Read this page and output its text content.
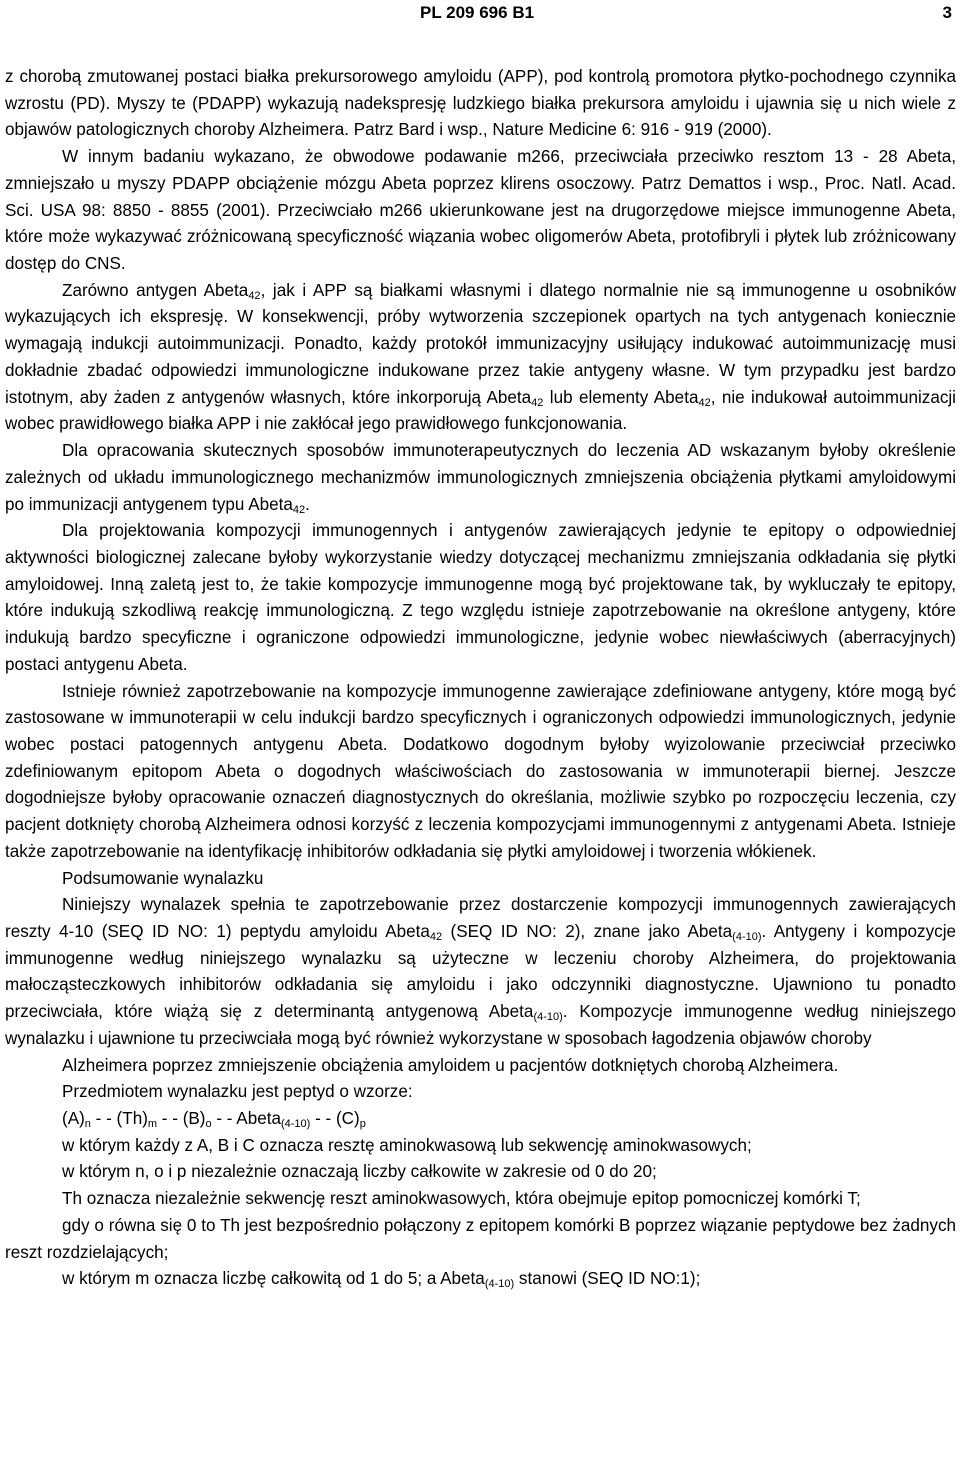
PL 209 696 B1	3

z chorobą zmutowanej postaci białka prekursorowego amyloidu (APP), pod kontrolą promotora płytko-pochodnego czynnika wzrostu (PD). Myszy te (PDAPP) wykazują nadekspresję ludzkiego białka prekursora amyloidu i ujawnia się u nich wiele z objawów patologicznych choroby Alzheimera. Patrz Bard i wsp., Nature Medicine 6: 916 - 919 (2000).

W innym badaniu wykazano, że obwodowe podawanie m266, przeciwciała przeciwko resztom 13 - 28 Abeta, zmniejszało u myszy PDAPP obciążenie mózgu Abeta poprzez klirens osoczowy. Patrz Demattos i wsp., Proc. Natl. Acad. Sci. USA 98: 8850 - 8855 (2001). Przeciwciało m266 ukierunkowane jest na drugorzędowe miejsce immunogenne Abeta, które może wykazywać zróżnicowaną specyficzność wiązania wobec oligomerów Abeta, protofibryli i płytek lub zróżnicowany dostęp do CNS.

Zarówno antygen Abeta$_{42}$, jak i APP są białkami własnymi i dlatego normalnie nie są immunogenne u osobników wykazujących ich ekspresję. W konsekwencji, próby wytworzenia szczepionek opartych na tych antygenach koniecznie wymagają indukcji autoimmunizacji. Ponadto, każdy protokół immunizacyjny usiłujący indukować autoimmunizację musi dokładnie zbadać odpowiedzi immunologiczne indukowane przez takie antygeny własne. W tym przypadku jest bardzo istotnym, aby żaden z antygenów własnych, które inkorporują Abeta$_{42}$ lub elementy Abeta$_{42}$, nie indukował autoimmunizacji wobec prawidłowego białka APP i nie zakłócał jego prawidłowego funkcjonowania.

Dla opracowania skutecznych sposobów immunoterapeutycznych do leczenia AD wskazanym byłoby określenie zależnych od układu immunologicznego mechanizmów immunologicznych zmniejszenia obciążenia płytkami amyloidowymi po immunizacji antygenem typu Abeta$_{42}$.

Dla projektowania kompozycji immunogennych i antygenów zawierających jedynie te epitopy o odpowiedniej aktywności biologicznej zalecane byłoby wykorzystanie wiedzy dotyczącej mechanizmu zmniejszania odkładania się płytki amyloidowej. Inną zaletą jest to, że takie kompozycje immunogenne mogą być projektowane tak, by wykluczały te epitopy, które indukują szkodliwą reakcję immunologiczną. Z tego względu istnieje zapotrzebowanie na określone antygeny, które indukują bardzo specyficzne i ograniczone odpowiedzi immunologiczne, jedynie wobec niewłaściwych (aberracyjnych) postaci antygenu Abeta.

Istnieje również zapotrzebowanie na kompozycje immunogenne zawierające zdefiniowane antygeny, które mogą być zastosowane w immunoterapii w celu indukcji bardzo specyficznych i ograniczonych odpowiedzi immunologicznych, jedynie wobec postaci patogennych antygenu Abeta. Dodatkowo dogodnym byłoby wyizolowanie przeciwciał przeciwko zdefiniowanym epitopom Abeta o dogodnych właściwościach do zastosowania w immunoterapii biernej. Jeszcze dogodniejsze byłoby opracowanie oznaczeń diagnostycznych do określania, możliwie szybko po rozpoczęciu leczenia, czy pacjent dotknięty chorobą Alzheimera odnosi korzyść z leczenia kompozycjami immunogennymi z antygenami Abeta. Istnieje także zapotrzebowanie na identyfikację inhibitorów odkładania się płytki amyloidowej i tworzenia włókienek.

Podsumowanie wynalazku

Niniejszy wynalazek spełnia te zapotrzebowanie przez dostarczenie kompozycji immunogennych zawierających reszty 4-10 (SEQ ID NO: 1) peptydu amyloidu Abeta$_{42}$ (SEQ ID NO: 2), znane jako Abeta$_{(4-10)}$. Antygeny i kompozycje immunogenne według niniejszego wynalazku są użyteczne w leczeniu choroby Alzheimera, do projektowania małocząsteczkowych inhibitorów odkładania się amyloidu i jako odczynniki diagnostyczne. Ujawniono tu ponadto przeciwciała, które wiążą się z determinantą antygenową Abeta$_{(4-10)}$. Kompozycje immunogenne według niniejszego wynalazku i ujawnione tu przeciwciała mogą być również wykorzystane w sposobach łagodzenia objawów choroby

Alzheimera poprzez zmniejszenie obciążenia amyloidem u pacjentów dotkniętych chorobą Alzheimera.

Przedmiotem wynalazku jest peptyd o wzorze:

$(A)_n$ - - $(Th)_m$ - - $(B)_o$ - - Abeta$_{(4-10)}$ - - $(C)_p$

w którym każdy z A, B i C oznacza resztę aminokwasową lub sekwencję aminokwasowych;

w którym n, o i p niezależnie oznaczają liczby całkowite w zakresie od 0 do 20;

Th oznacza niezależnie sekwencję reszt aminokwasowych, która obejmuje epitop pomocniczej komórki T;

gdy o równa się 0 to Th jest bezpośrednio połączony z epitopem komórki B poprzez wiązanie peptydowe bez żadnych reszt rozdzielających;

w którym m oznacza liczbę całkowitą od 1 do 5; a Abeta$_{(4-10)}$ stanowi (SEQ ID NO:1);
